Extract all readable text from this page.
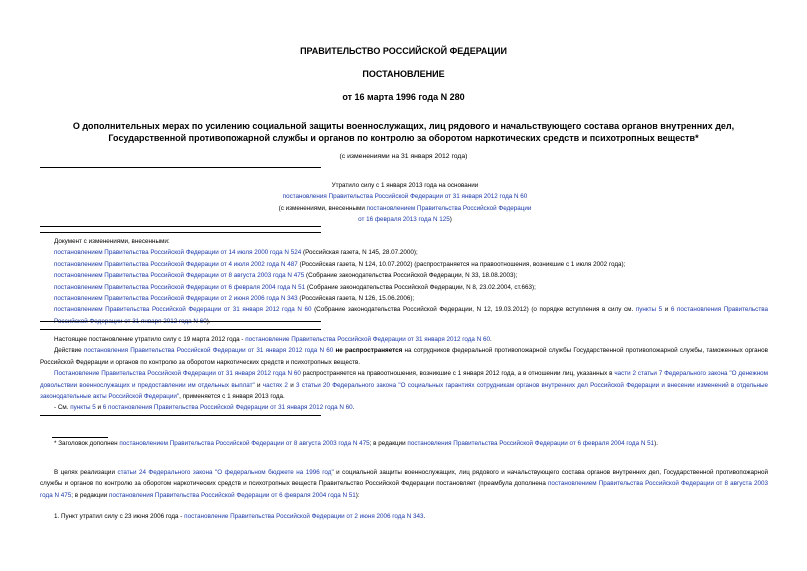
ПРАВИТЕЛЬСТВО РОССИЙСКОЙ ФЕДЕРАЦИИ
ПОСТАНОВЛЕНИЕ
от 16 марта 1996 года N 280
О дополнительных мерах по усилению социальной защиты военнослужащих, лиц рядового и начальствующего состава органов внутренних дел,
Государственной противопожарной службы и органов по контролю за оборотом наркотических средств и психотропных веществ*
(с изменениями на 31 января 2012 года)
Утратило силу с 1 января 2013 года на основании
постановления Правительства Российской Федерации от 31 января 2012 года N 60
(с изменениями, внесенными постановлением Правительства Российской Федерации
от 16 февраля 2013 года N 125)
Документ с изменениями, внесенными:
постановлением Правительства Российской Федерации от 14 июля 2000 года N 524 (Российская газета, N 145, 28.07.2000);
постановлением Правительства Российской Федерации от 4 июля 2002 года N 487 (Российская газета, N 124, 10.07.2002) (распространяется на правоотношения, возникшие с 1 июля 2002 года);
постановлением Правительства Российской Федерации от 8 августа 2003 года N 475 (Собрание законодательства Российской Федерации, N 33, 18.08.2003);
постановлением Правительства Российской Федерации от 6 февраля 2004 года N 51 (Собрание законодательства Российской Федерации, N 8, 23.02.2004, ст.663);
постановлением Правительства Российской Федерации от 2 июня 2006 года N 343 (Российская газета, N 126, 15.06.2006);
постановлением Правительства Российской Федерации от 31 января 2012 года N 60 (Собрание законодательства Российской Федерации, N 12, 19.03.2012) (о порядке вступления в силу см. пункты 5 и 6 постановления Правительства
Настоящее постановление утратило силу с 19 марта 2012 года - постановление Правительства Российской Федерации от 31 января 2012 года N 60.
Действие постановления Правительства Российской Федерации от 31 января 2012 года N 60 не распространяется на сотрудников федеральной противопожарной службы Государственной противопожарной службы, таможенных органов Российской Федерации и органов по контролю за оборотом наркотических средств и психотропных веществ.
Постановление Правительства Российской Федерации от 31 января 2012 года N 60 распространяется на правоотношения, возникшие с 1 января 2012 года, а в отношении лиц, указанных в части 2 статьи 7 Федерального закона "О денежном довольствии военнослужащих и предоставлении им отдельных выплат" и частях 2 и 3 статьи 20 Федерального закона "О социальных гарантиях сотрудникам органов внутренних дел Российской Федерации и внесении изменений в отдельные законодательные акты Российской Федерации", применяется с 1 января 2013 года.
- См. пункты 5 и 6 постановления Правительства Российской Федерации от 31 января 2012 года N 60.
* Заголовок дополнен постановлением Правительства Российской Федерации от 8 августа 2003 года N 475; в редакции постановления Правительства Российской Федерации от 6 февраля 2004 года N 51).
В целях реализации статьи 24 Федерального закона "О федеральном бюджете на 1996 год" и социальной защиты военнослужащих, лиц рядового и начальствующего состава органов внутренних дел, Государственной противопожарной службы и органов по контролю за оборотом наркотических средств и психотропных веществ Правительство Российской Федерации постановляет (преамбула дополнена постановлением Правительства Российской Федерации от 8 августа 2003 года N 475; в редакции постановления Правительства Российской Федерации от 6 февраля 2004 года N 51):
1. Пункт утратил силу с 23 июня 2006 года - постановление Правительства Российской Федерации от 2 июня 2006 года N 343.
